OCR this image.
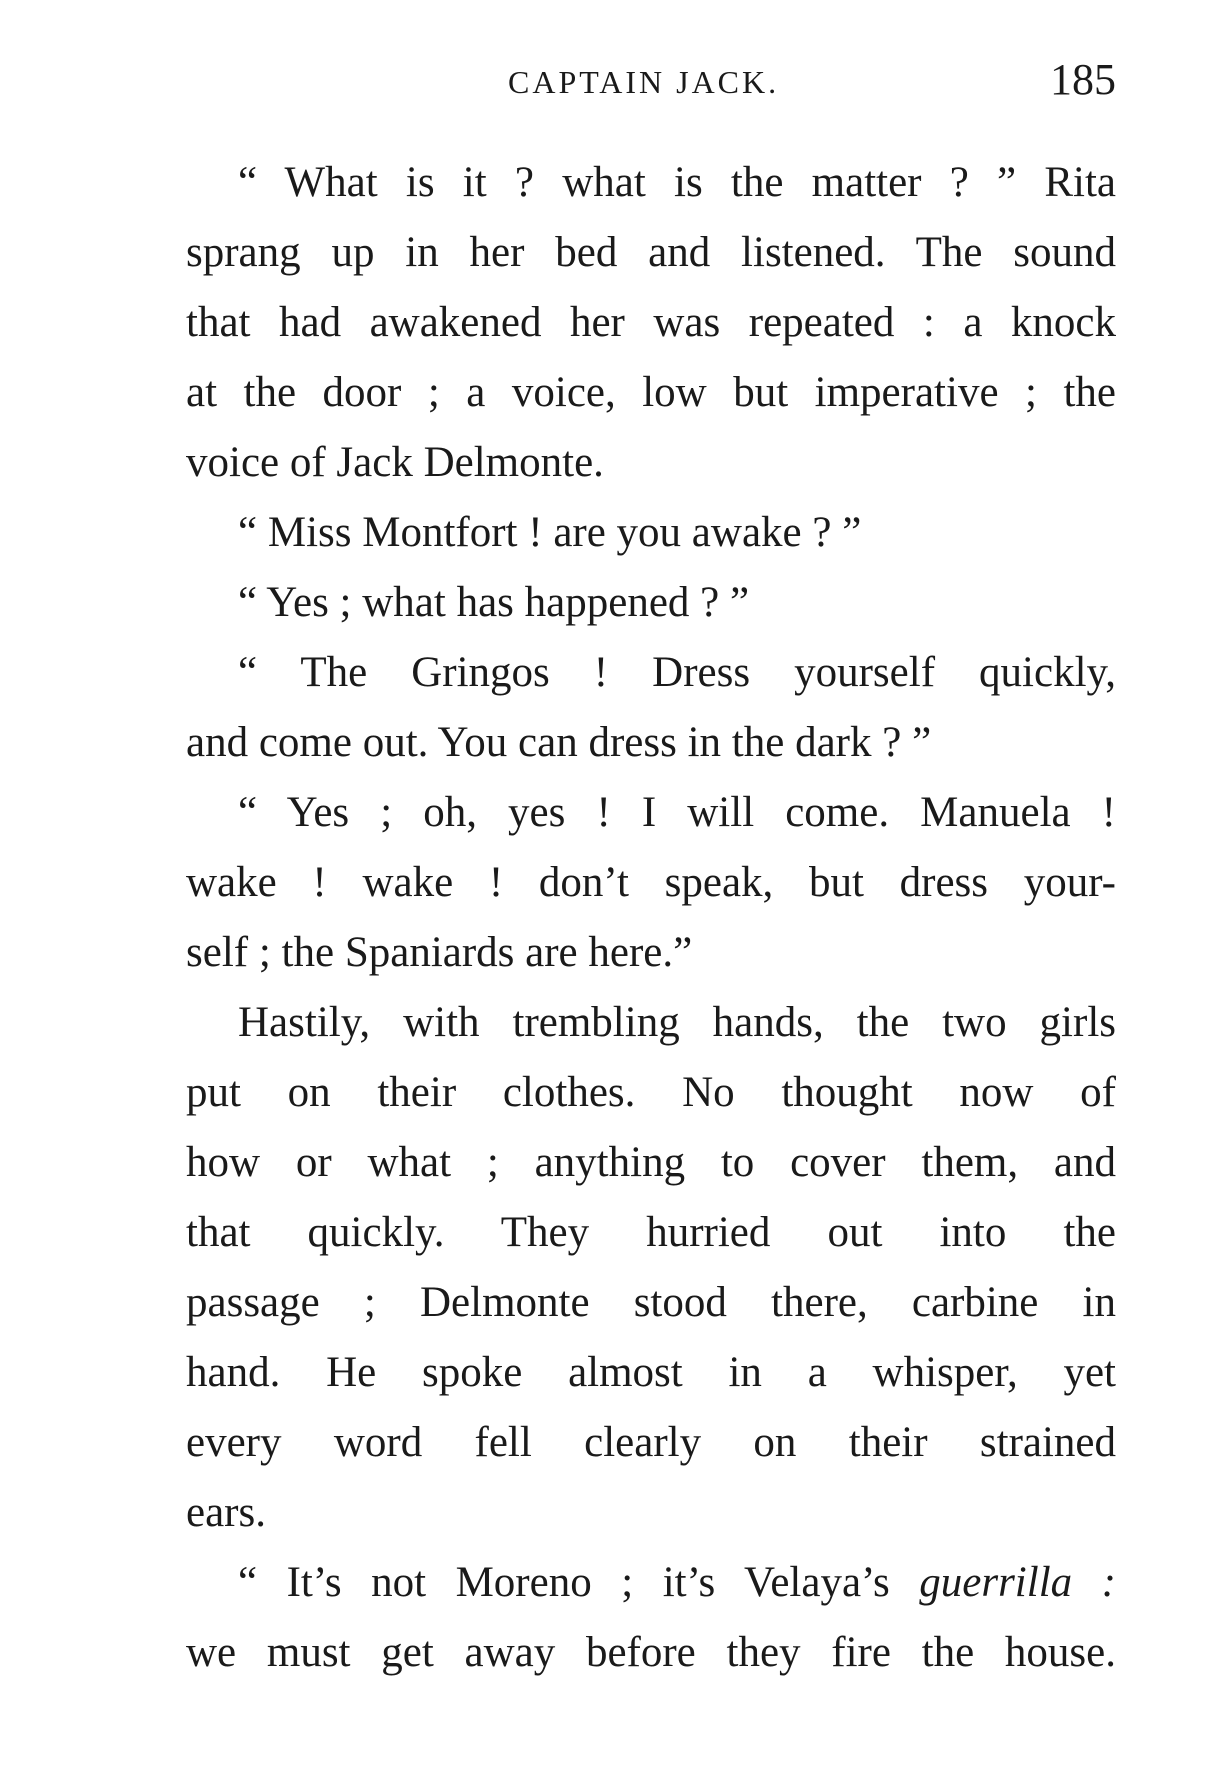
CAPTAIN JACK.	185
“ What is it ? what is the matter ? ” Rita
sprang up in her bed and listened. The sound
that had awakened her was repeated : a knock
at the door ; a voice, low but imperative ; the
voice of Jack Delmonte.
“ Miss Montfort ! are you awake ? ”
“ Yes ; what has happened ? ”
“ The Gringos ! Dress yourself quickly,
and come out. You can dress in the dark ? ”
“ Yes ; oh, yes ! I will come. Manuela !
wake ! wake ! don’t speak, but dress your-
self ; the Spaniards are here.”
Hastily, with trembling hands, the two girls
put on their clothes. No thought now of
how or what ; anything to cover them, and
that quickly. They hurried out into the
passage ; Delmonte stood there, carbine in
hand. He spoke almost in a whisper, yet
every word fell clearly on their strained
ears.
“ It’s not Moreno ; it’s Velaya’s guerrilla :
we must get away before they fire the house.
